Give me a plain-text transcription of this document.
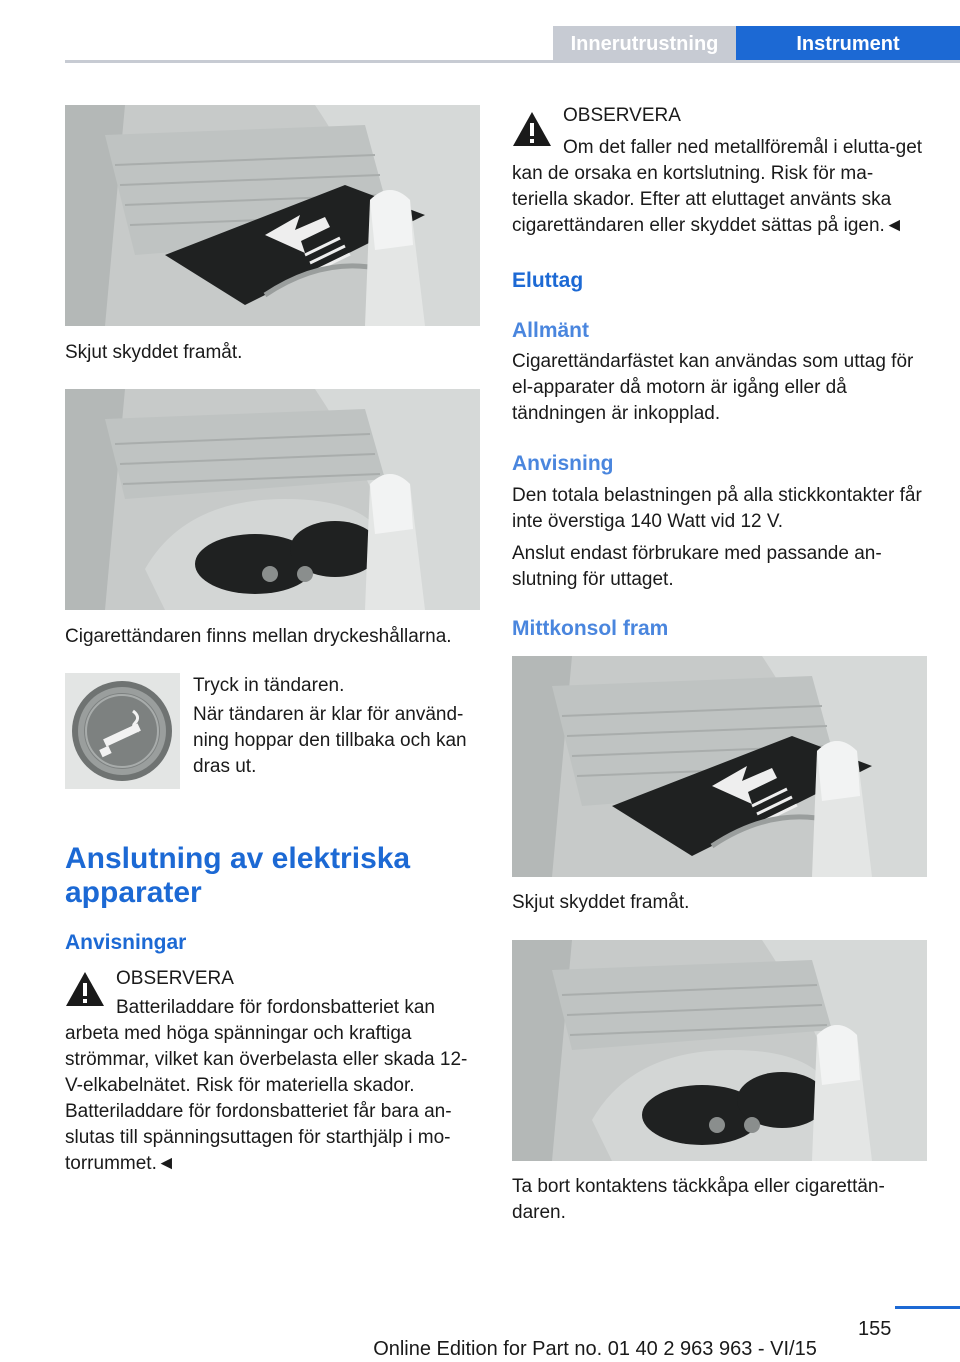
Innerutrustning	Instrument

Skjut skyddet framåt.

Cigarettändaren finns mellan dryckeshållarna.

Tryck in tändaren.

När tändaren är klar för använd-ning hoppar den tillbaka och kan dras ut.

Anslutning av elektriska apparater
Anvisningar

OBSERVERA

Batteriladdare för fordonsbatteriet kan arbeta med höga spänningar och kraftiga strömmar, vilket kan överbelasta eller skada 12-V-elkabelnätet. Risk för materiella skador. Batteriladdare för fordonsbatteriet får bara an-slutas till spänningsuttagen för starthjälp i mo-torrummet.◄

OBSERVERA

Om det faller ned metallföremål i elutta-get kan de orsaka en kortslutning. Risk för ma-teriella skador. Efter att eluttaget använts ska cigarettändaren eller skyddet sättas på igen.◄

Eluttag
Allmänt

Cigarettändarfästet kan användas som uttag för el-apparater då motorn är igång eller då tändningen är inkopplad.

Anvisning

Den totala belastningen på alla stickkontakter får inte överstiga 140 Watt vid 12 V.

Anslut endast förbrukare med passande an-slutning för uttaget.

Mittkonsol fram

Skjut skyddet framåt.

Ta bort kontaktens täckkåpa eller cigarettän-daren.

155
Online Edition for Part no. 01 40 2 963 963 - VI/15
